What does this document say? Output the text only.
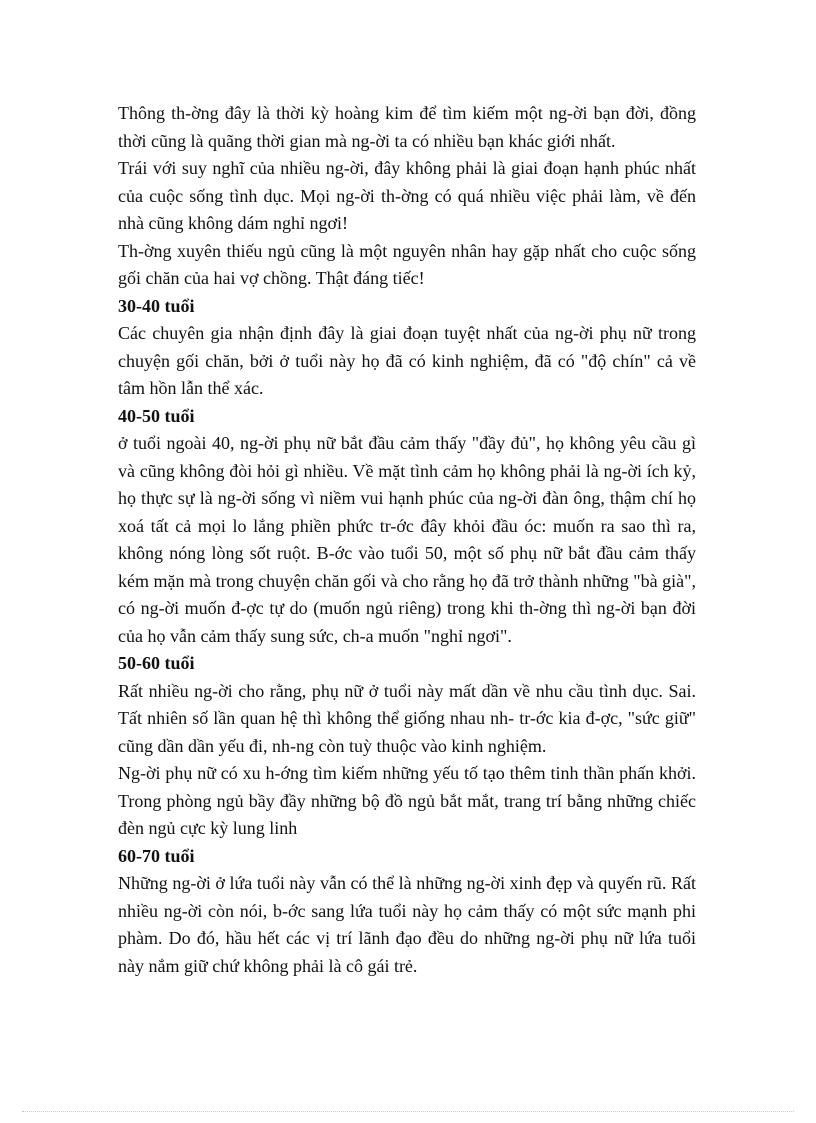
Thông th-ờng đây là thời kỳ hoàng kim để tìm kiếm một ng-ời bạn đời, đồng thời cũng là quãng thời gian mà ng-ời ta có nhiều bạn khác giới nhất.

Trái với suy nghĩ của nhiều ng-ời, đây không phải là giai đoạn hạnh phúc nhất của cuộc sống tình dục. Mọi ng-ời th-ờng có quá nhiều việc phải làm, về đến nhà cũng không dám nghỉ ngơi!

Th-ờng xuyên thiếu ngủ cũng là một nguyên nhân hay gặp nhất cho cuộc sống gối chăn của hai vợ chồng. Thật đáng tiếc!

30-40 tuổi

Các chuyên gia nhận định đây là giai đoạn tuyệt nhất của ng-ời phụ nữ trong chuyện gối chăn, bởi ở tuổi này họ đã có kinh nghiệm, đã có "độ chín" cả về tâm hồn lẫn thể xác.

40-50 tuổi

ở tuổi ngoài 40, ng-ời phụ nữ bắt đầu cảm thấy "đầy đủ", họ không yêu cầu gì và cũng không đòi hỏi gì nhiều. Về mặt tình cảm họ không phải là ng-ời ích kỷ, họ thực sự là ng-ời sống vì niềm vui hạnh phúc của ng-ời đàn ông, thậm chí họ xoá tất cả mọi lo lắng phiền phức tr-ớc đây khỏi đầu óc: muốn ra sao thì ra, không nóng lòng sốt ruột. B-ớc vào tuổi 50, một số phụ nữ bắt đầu cảm thấy kém mặn mà trong chuyện chăn gối và cho rằng họ đã trở thành những "bà già", có ng-ời muốn đ-ợc tự do (muốn ngủ riêng) trong khi th-ờng thì ng-ời bạn đời của họ vẫn cảm thấy sung sức, ch-a muốn "nghỉ ngơi".

50-60 tuổi

Rất nhiều ng-ời cho rằng, phụ nữ ở tuổi này mất dần về nhu cầu tình dục. Sai. Tất nhiên số lần quan hệ thì không thể giống nhau nh- tr-ớc kia đ-ợc, "sức giữ" cũng dần dần yếu đi, nh-ng còn tuỳ thuộc vào kinh nghiệm.

Ng-ời phụ nữ có xu h-ớng tìm kiếm những yếu tố tạo thêm tinh thần phấn khởi. Trong phòng ngủ bầy đầy những bộ đồ ngủ bắt mắt, trang trí bằng những chiếc đèn ngủ cực kỳ lung linh

60-70 tuổi

Những ng-ời ở lứa tuổi này vẫn có thể là những ng-ời xinh đẹp và quyến rũ. Rất nhiều ng-ời còn nói, b-ớc sang lứa tuổi này họ cảm thấy có một sức mạnh phi phàm. Do đó, hầu hết các vị trí lãnh đạo đều do những ng-ời phụ nữ lứa tuổi này nắm giữ chứ không phải là cô gái trẻ.
